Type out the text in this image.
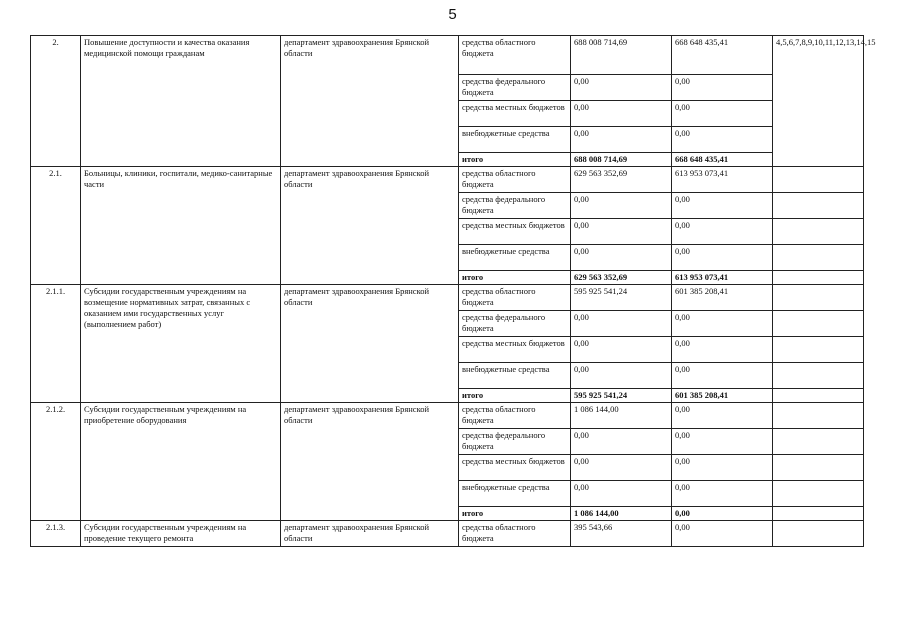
5
2.	Повышение доступности и качества оказания медицинской помощи гражданам	департамент здравоохранения Брянской области	средства областного бюджета	688 008 714,69	668 648 435,41	4,5,6,7,8,9,10,11,12,13,14,15
			средства федерального бюджета	0,00	0,00	
			средства местных бюджетов	0,00	0,00	
			внебюджетные средства	0,00	0,00	
			итого	688 008 714,69	668 648 435,41	
2.1.	Больницы, клиники, госпитали, медико-санитарные части	департамент здравоохранения Брянской области	средства областного бюджета	629 563 352,69	613 953 073,41	
			средства федерального бюджета	0,00	0,00	
			средства местных бюджетов	0,00	0,00	
			внебюджетные средства	0,00	0,00	
			итого	629 563 352,69	613 953 073,41	
2.1.1.	Субсидии государственным учреждениям на возмещение нормативных затрат, связанных с оказанием ими государственных услуг (выполнением работ)	департамент здравоохранения Брянской области	средства областного бюджета	595 925 541,24	601 385 208,41	
			средства федерального бюджета	0,00	0,00	
			средства местных бюджетов	0,00	0,00	
			внебюджетные средства	0,00	0,00	
			итого	595 925 541,24	601 385 208,41	
2.1.2.	Субсидии государственным учреждениям на приобретение оборудования	департамент здравоохранения Брянской области	средства областного бюджета	1 086 144,00	0,00	
			средства федерального бюджета	0,00	0,00	
			средства местных бюджетов	0,00	0,00	
			внебюджетные средства	0,00	0,00	
			итого	1 086 144,00	0,00	
2.1.3.	Субсидии государственным учреждениям на проведение текущего ремонта	департамент здравоохранения Брянской области	средства областного бюджета	395 543,66	0,00	
